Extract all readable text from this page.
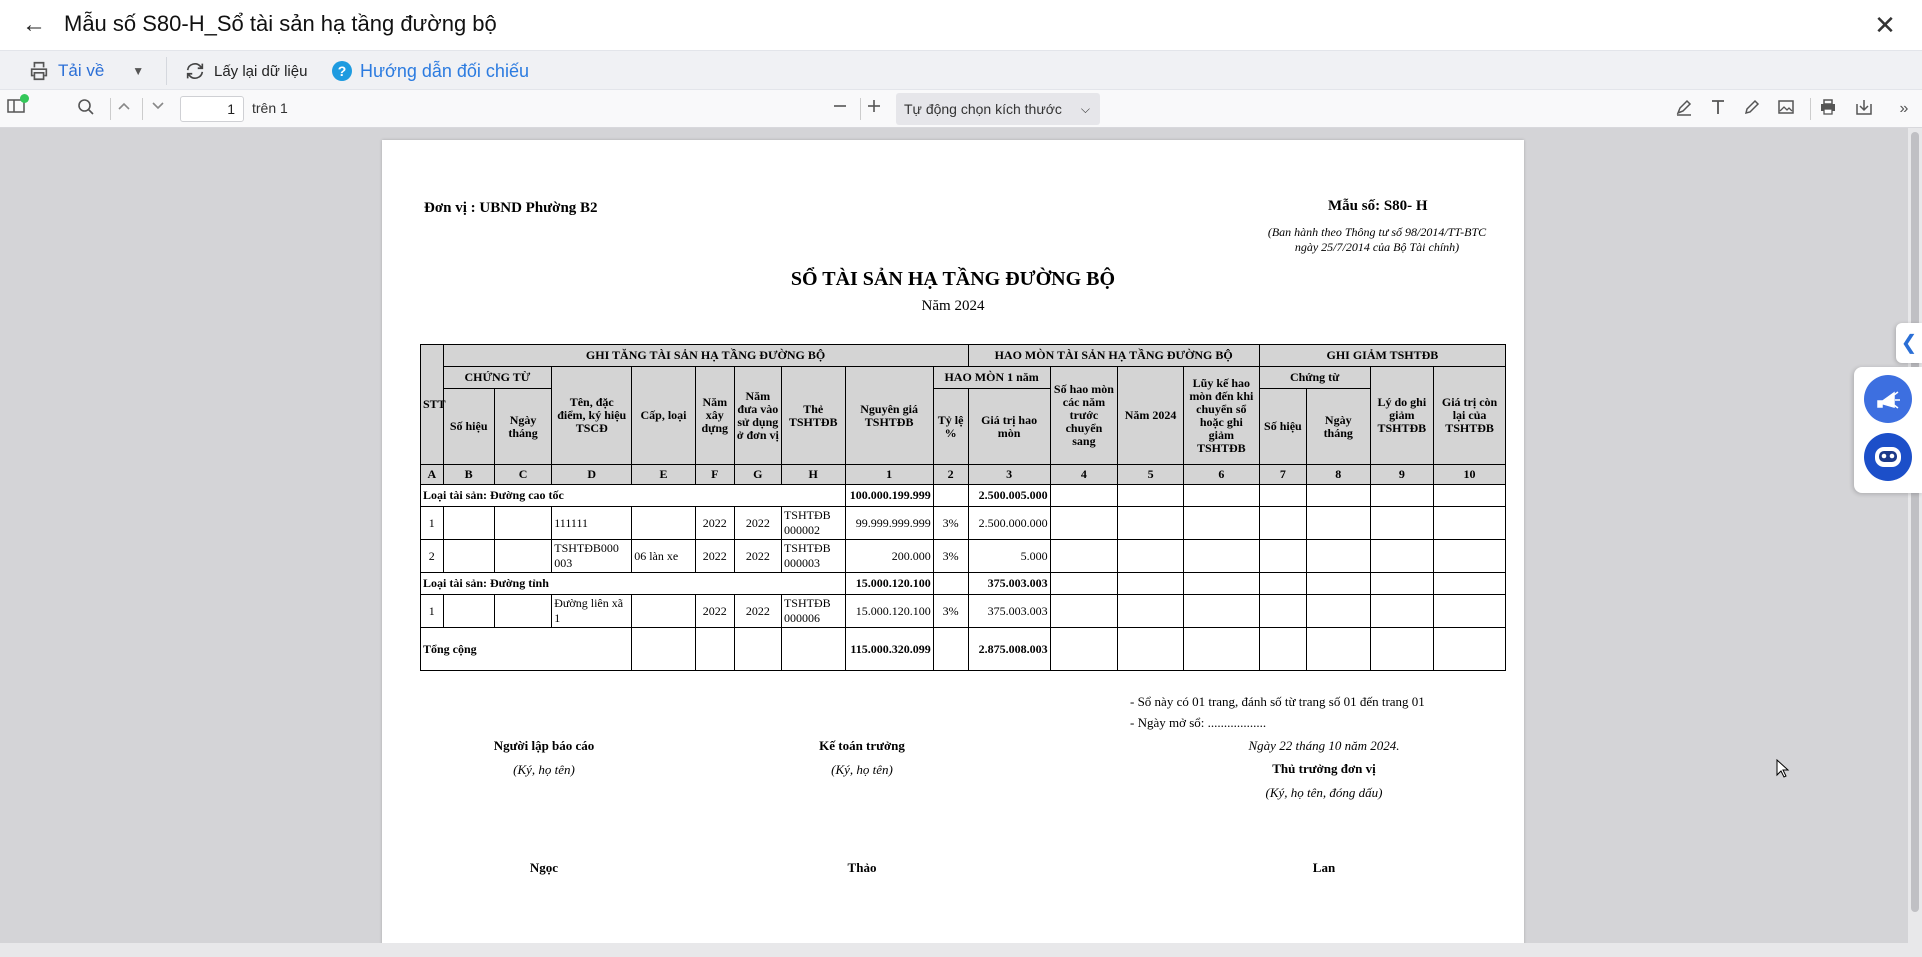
← Mẫu số S80-H_Sổ tài sản hạ tầng đường bộ	✕
Tải về ▼	Lấy lại dữ liệu	? Hướng dẫn đối chiếu
1
trên 1	Tự động chọn kích thước ⌵	»
Đơn vị : UBND Phường B2	Mẫu số: S80- H
(Ban hành theo Thông tư số 98/2014/TT-BTC
ngày 25/7/2014 của Bộ Tài chính)
SỔ TÀI SẢN HẠ TẦNG ĐƯỜNG BỘ
Năm 2024
STT	GHI TĂNG TÀI SẢN HẠ TẦNG ĐƯỜNG BỘ									HAO MÒN TÀI SẢN HẠ TẦNG ĐƯỜNG BỘ				GHI GIẢM TSHTĐB			
	CHỨNG TỪ		Tên, đặc điểm, ký hiệu TSCĐ	Cấp, loại	Năm xây dựng	Năm đưa vào sử dụng ở đơn vị	Thẻ TSHTĐB	Nguyên giá TSHTĐB	HAO MÒN 1 năm		Số hao mòn các năm trước chuyển sang	Năm 2024	Lũy kế hao mòn đến khi chuyển sổ hoặc ghi giảm TSHTĐB	Chứng từ		Lý do ghi giảm TSHTĐB	Giá trị còn lại của TSHTĐB
	Số hiệu	Ngày tháng							Tỷ lệ %	Giá trị hao mòn				Số hiệu	Ngày tháng		
A	B	C	D	E	F	G	H	1	2	3	4	5	6	7	8	9	10
Loại tài sản: Đường cao tốc								100.000.199.999		2.500.005.000							
1			111111		2022	2022	TSHTĐB 000002	99.999.999.999	3%	2.500.000.000							
2			TSHTĐB000 003	06 làn xe	2022	2022	TSHTĐB 000003	200.000	3%	5.000							
Loại tài sản: Đường tỉnh								15.000.120.100		375.003.003							
1			Đường liên xã 1		2022	2022	TSHTĐB 000006	15.000.120.100	3%	375.003.003							
Tổng cộng								115.000.320.099		2.875.008.003							
- Sổ này có 01 trang, đánh số từ trang số 01 đến trang 01
- Ngày mở sổ: ..................
Ngày 22 tháng 10 năm 2024.
Người lập báo cáo
(Ký, họ tên)
Kế toán trưởng
(Ký, họ tên)	Thủ trưởng đơn vị
(Ký, họ tên, đóng dấu)
Ngọc	Thảo	Lan
❮
